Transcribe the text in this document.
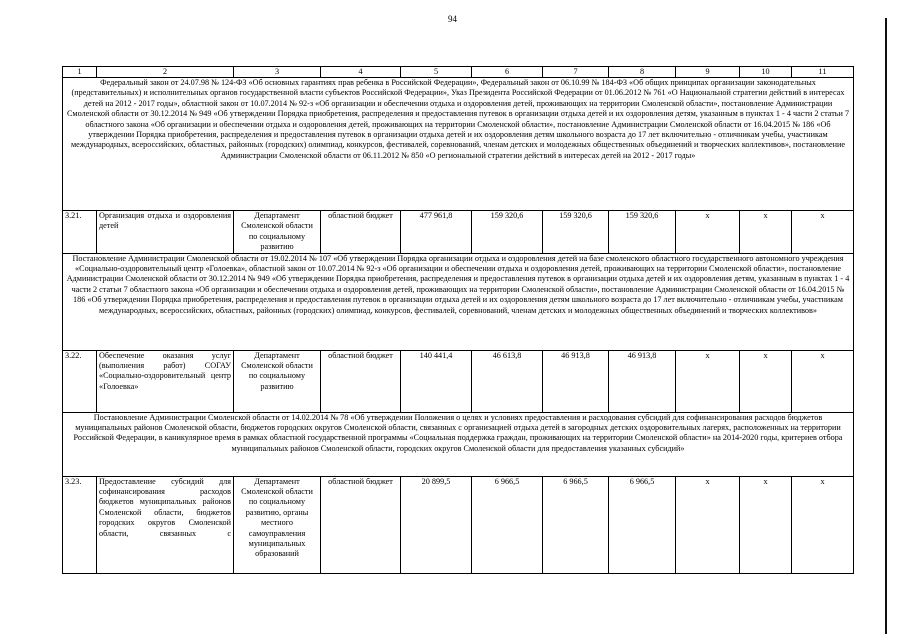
94
1	2	3	4	5	6	7	8	9	10	11
Федеральный закон от 24.07.98 № 124-ФЗ «Об основных гарантиях прав ребенка в Российской Федерации», Федеральный закон от 06.10.99 № 184-ФЗ «Об общих принципах организации законодательных (представительных) и исполнительных органов государственной власти субъектов Российской Федерации», Указ Президента Российской Федерации от 01.06.2012 № 761 «О Национальной стратегии действий в интересах детей на 2012 - 2017 годы», областной закон от 10.07.2014 № 92-з «Об организации и обеспечении отдыха и оздоровления детей, проживающих на территории Смоленской области», постановление Администрации Смоленской области от 30.12.2014 № 949 «Об утверждении Порядка приобретения, распределения и предоставления путевок в организации отдыха детей и их оздоровления детям, указанным в пунктах 1 - 4 части 2 статьи 7 областного закона «Об организации и обеспечении отдыха и оздоровления детей, проживающих на территории Смоленской области», постановление Администрации Смоленской области от 16.04.2015 № 186 «Об утверждении Порядка приобретения, распределения и предоставления путевок в организации отдыха детей и их оздоровления детям школьного возраста до 17 лет включительно - отличникам учебы, участникам международных, всероссийских, областных, районных (городских) олимпиад, конкурсов, фестивалей, соревнований, членам детских и молодежных общественных объединений и творческих коллективов», постановление Администрации Смоленской области от 06.11.2012 № 850 «О региональной стратегии действий в интересах детей на 2012 - 2017 годы»										
3.21.	Организация отдыха и оздоровления детей	Департамент Смоленской области по социальному развитию	областной бюджет	477 961,8	159 320,6	159 320,6	159 320,6	x	x	x
Постановление Администрации Смоленской области от 19.02.2014 № 107 «Об утверждении Порядка организации отдыха и оздоровления детей на базе смоленского областного государственного автономного учреждения «Социально-оздоровительный центр «Голоевка», областной закон от 10.07.2014 № 92-з «Об организации и обеспечении отдыха и оздоровления детей, проживающих на территории Смоленской области», постановление Администрации Смоленской области от 30.12.2014 № 949 «Об утверждении Порядка приобретения, распределения и предоставления путевок в организации отдыха детей и их оздоровления детям, указанным в пунктах 1 - 4 части 2 статьи 7 областного закона «Об организации и обеспечении отдыха и оздоровления детей, проживающих на территории Смоленской области», постановление Администрации Смоленской области от 16.04.2015 № 186 «Об утверждении Порядка приобретения, распределения и предоставления путевок в организации отдыха детей и их оздоровления детям школьного возраста до 17 лет включительно - отличникам учебы, участникам международных, всероссийских, областных, районных (городских) олимпиад, конкурсов, фестивалей, соревнований, членам детских и молодежных общественных объединений и творческих коллективов»										
3.22.	Обеспечение оказания услуг (выполнения работ) СОГАУ «Социально-оздоровительный центр «Голоевка»	Департамент Смоленской области по социальному развитию	областной бюджет	140 441,4	46 613,8	46 913,8	46 913,8	x	x	x
Постановление Администрации Смоленской области от 14.02.2014 № 78 «Об утверждении Положения о целях и условиях предоставления и расходования субсидий для софинансирования расходов бюджетов муниципальных районов Смоленской области, бюджетов городских округов Смоленской области, связанных с организацией отдыха детей в загородных детских оздоровительных лагерях, расположенных на территории Российской Федерации, в каникулярное время в рамках областной государственной программы «Социальная поддержка граждан, проживающих на территории Смоленской области» на 2014-2020 годы, критериев отбора муниципальных районов Смоленской области, городских округов Смоленской области для предоставления указанных субсидий»										
3.23.	Предоставление субсидий для софинансирования расходов бюджетов муниципальных районов Смоленской области, бюджетов городских округов Смоленской области, связанных с	Департамент Смоленской области по социальному развитию, органы местного самоуправления муниципальных образований	областной бюджет	20 899,5	6 966,5	6 966,5	6 966,5	x	x	x
